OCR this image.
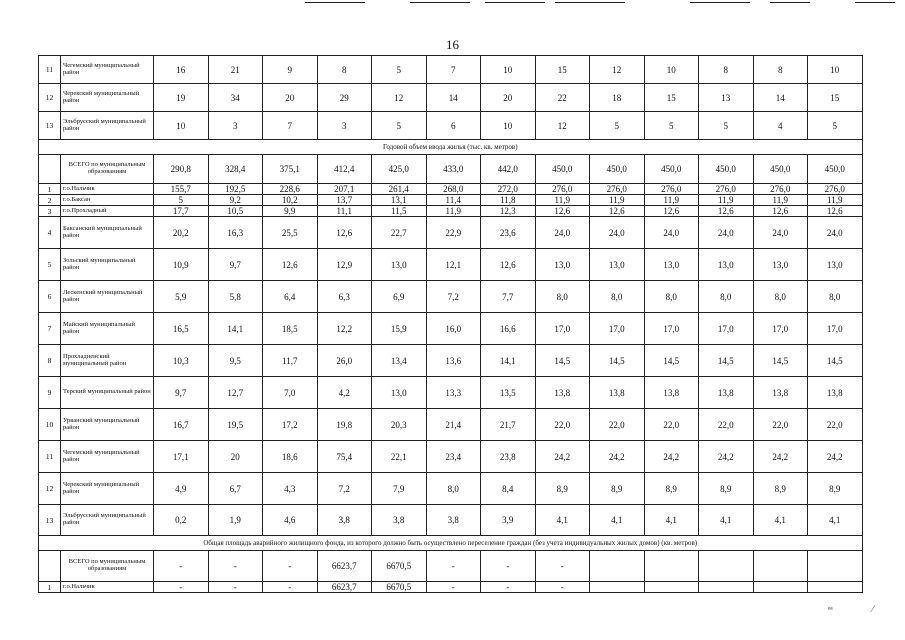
16
11	Чегемский муниципальный район	16	21	9	8	5	7	10	15	12	10	8	8	10
12	Черекский муниципальный район	19	34	20	29	12	14	20	22	18	15	13	14	15
13	Эльбрусский муниципальный район	10	3	7	3	5	6	10	12	5	5	5	4	5
Годовой объем ввода жилья (тыс. кв. метров)														
	ВСЕГО по муниципальным образованиям	290,8	328,4	375,1	412,4	425,0	433,0	442,0	450,0	450,0	450,0	450,0	450,0	450,0
1	г.о.Нальчик	155,7	192,5	228,6	207,1	261,4	268,0	272,0	276,0	276,0	276,0	276,0	276,0	276,0
2	г.о.Баксан	5	9,2	10,2	13,7	13,1	11,4	11,8	11,9	11,9	11,9	11,9	11,9	11,9
3	г.о.Прохладный	17,7	10,5	9,9	11,1	11,5	11,9	12,3	12,6	12,6	12,6	12,6	12,6	12,6
4	Баксанский муниципальный район	20,2	16,3	25,5	12,6	22,7	22,9	23,6	24,0	24,0	24,0	24,0	24,0	24,0
5	Зольский муниципальный район	10,9	9,7	12,6	12,9	13,0	12,1	12,6	13,0	13,0	13,0	13,0	13,0	13,0
6	Лескенский муниципальный район	5,9	5,8	6,4	6,3	6,9	7,2	7,7	8,0	8,0	8,0	8,0	8,0	8,0
7	Майский муниципальный район	16,5	14,1	18,5	12,2	15,9	16,0	16,6	17,0	17,0	17,0	17,0	17,0	17,0
8	Прохладненский муниципальный район	10,3	9,5	11,7	26,0	13,4	13,6	14,1	14,5	14,5	14,5	14,5	14,5	14,5
9	Терский муниципальный район	9,7	12,7	7,0	4,2	13,0	13,3	13,5	13,8	13,8	13,8	13,8	13,8	13,8
10	Урванский муниципальный район	16,7	19,5	17,2	19,8	20,3	21,4	21,7	22,0	22,0	22,0	22,0	22,0	22,0
11	Чегемский муниципальный район	17,1	20	18,6	75,4	22,1	23,4	23,8	24,2	24,2	24,2	24,2	24,2	24,2
12	Черекский муниципальный район	4,9	6,7	4,3	7,2	7,9	8,0	8,4	8,9	8,9	8,9	8,9	8,9	8,9
13	Эльбрусский муниципальный район	0,2	1,9	4,6	3,8	3,8	3,8	3,9	4,1	4,1	4,1	4,1	4,1	4,1
Общая площадь аварийного жилищного фонда, из которого должно быть осуществлено переселение граждан (без учета индивидуальных жилых домов) (кв. метров)														
	ВСЕГО по муниципальным образованиям	-	-	-	6623,7	6670,5	-	-	-					
1	г.о.Нальчик	-	-	-	6623,7	6670,5	-	-	-					
ᵉᵃ	⁄
